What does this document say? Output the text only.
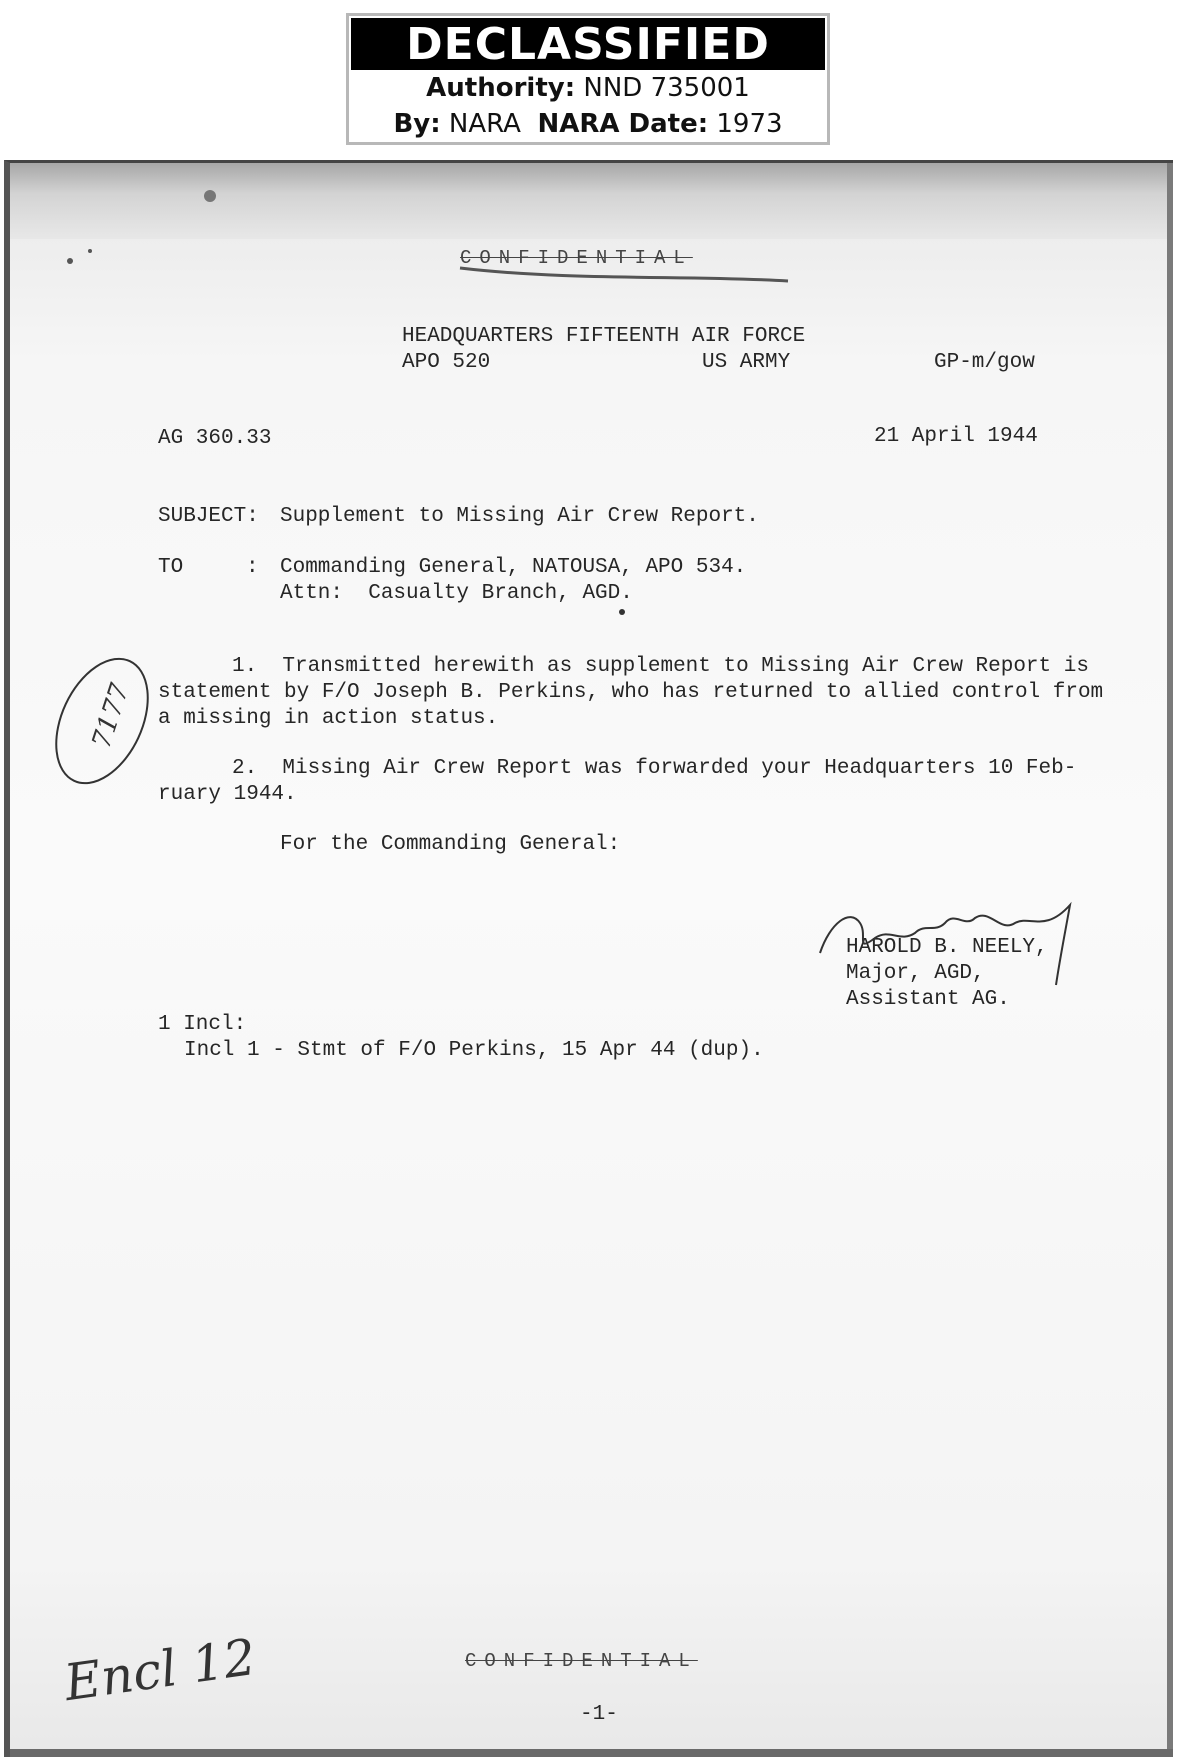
DECLASSIFIED
Authority: NND 735001
By: NARA NARA Date: 1973
CONFIDENTIAL
HEADQUARTERS FIFTEENTH AIR FORCE
APO 520	US ARMY	GP-m/gow
AG 360.33	21 April 1944
SUBJECT: Supplement to Missing Air Crew Report.
TO	: Commanding General, NATOUSA, APO 534.
Attn:  Casualty Branch, AGD.
1.  Transmitted herewith as supplement to Missing Air Crew Report is
statement by F/O Joseph B. Perkins, who has returned to allied control from
a missing in action status.
2.  Missing Air Crew Report was forwarded your Headquarters 10 Feb-
ruary 1944.
For the Commanding General:
HAROLD B. NEELY,
Major, AGD,
Assistant AG.
1 Incl:
Incl 1 - Stmt of F/O Perkins, 15 Apr 44 (dup).
CONFIDENTIAL
-1-
7177
Encl 12
